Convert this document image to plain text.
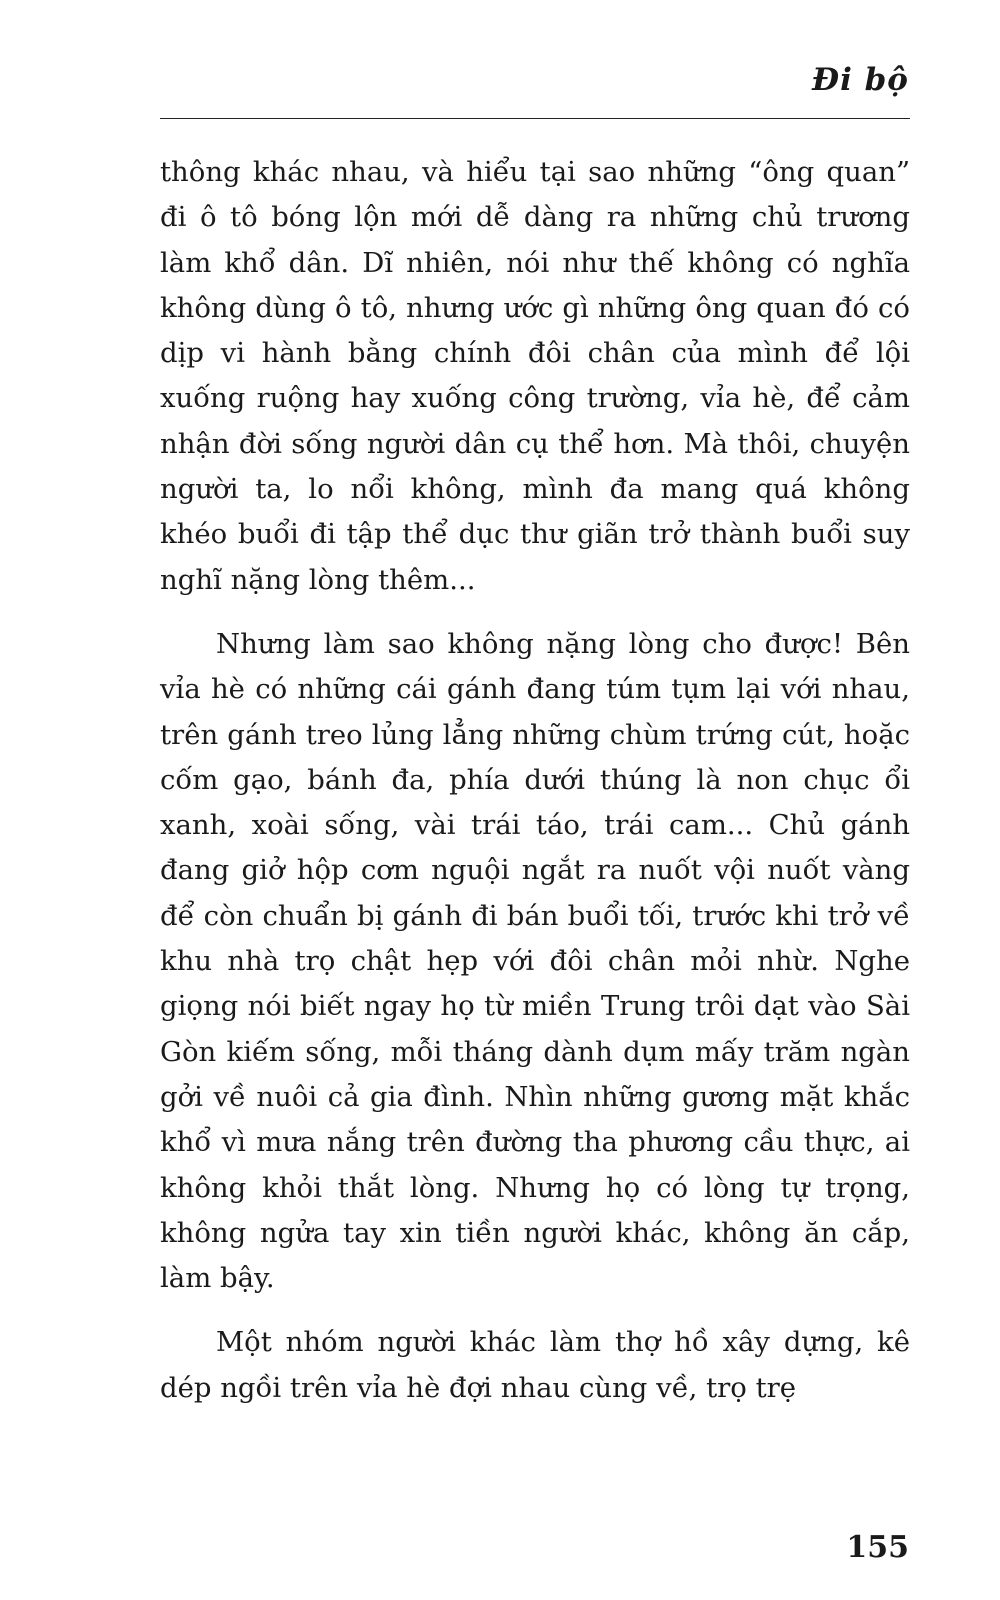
Đi bộ

thông khác nhau, và hiểu tại sao những “ông quan” đi ô tô bóng lộn mới dễ dàng ra những chủ trương làm khổ dân. Dĩ nhiên, nói như thế không có nghĩa không dùng ô tô, nhưng ước gì những ông quan đó có dịp vi hành bằng chính đôi chân của mình để lội xuống ruộng hay xuống công trường, vỉa hè, để cảm nhận đời sống người dân cụ thể hơn. Mà thôi, chuyện người ta, lo nổi không, mình đa mang quá không khéo buổi đi tập thể dục thư giãn trở thành buổi suy nghĩ nặng lòng thêm...

Nhưng làm sao không nặng lòng cho được! Bên vỉa hè có những cái gánh đang túm tụm lại với nhau, trên gánh treo lủng lẳng những chùm trứng cút, hoặc cốm gạo, bánh đa, phía dưới thúng là non chục ổi xanh, xoài sống, vài trái táo, trái cam... Chủ gánh đang giở hộp cơm nguội ngắt ra nuốt vội nuốt vàng để còn chuẩn bị gánh đi bán buổi tối, trước khi trở về khu nhà trọ chật hẹp với đôi chân mỏi nhừ. Nghe giọng nói biết ngay họ từ miền Trung trôi dạt vào Sài Gòn kiếm sống, mỗi tháng dành dụm mấy trăm ngàn gởi về nuôi cả gia đình. Nhìn những gương mặt khắc khổ vì mưa nắng trên đường tha phương cầu thực, ai không khỏi thắt lòng. Nhưng họ có lòng tự trọng, không ngửa tay xin tiền người khác, không ăn cắp, làm bậy.

Một nhóm người khác làm thợ hồ xây dựng, kê dép ngồi trên vỉa hè đợi nhau cùng về, trọ trẹ

155
